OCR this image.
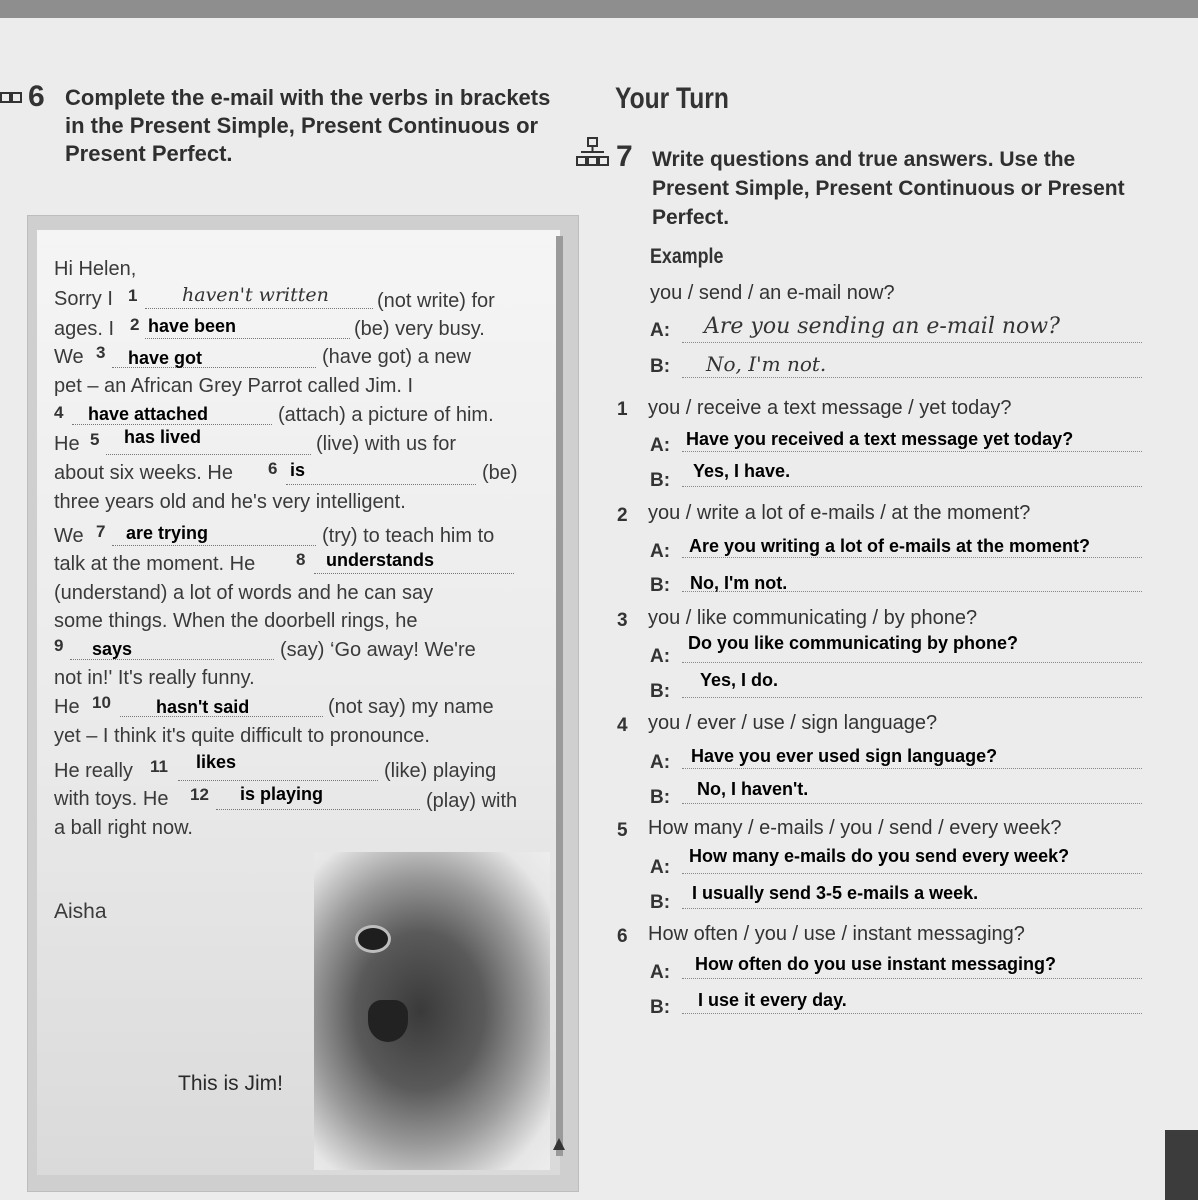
6 Complete the e-mail with the verbs in brackets in the Present Simple, Present Continuous or Present Perfect.
Hi Helen,
Sorry I 1 haven't written (not write) for
ages. I 2 have been	(be) very busy.
We 3 have got	(have got) a new
pet – an African Grey Parrot called Jim. I
4 have attached	(attach) a picture of him.
He 5 has lived	(live) with us for
about six weeks. He 6 is	(be)
three years old and he's very intelligent.
We 7 are trying	(try) to teach him to
talk at the moment. He 8 understands
(understand) a lot of words and he can say
some things. When the doorbell rings, he
9 says	(say) ‘Go away! We're
not in!' It's really funny.
He 10	hasn't said	(not say) my name
yet – I think it's quite difficult to pronounce.
He really 11 likes	(like) playing
with toys. He 12 is playing	(play) with
a ball right now.
Aisha
This is Jim!
Your Turn
7 Write questions and true answers. Use the Present Simple, Present Continuous or Present Perfect.
Example
you / send / an e-mail now?
A: Are you sending an e-mail now?
B: No, I'm not.
1 you / receive a text message / yet today?
A: Have you received a text message yet today?
B: Yes, I have.
2 you / write a lot of e-mails / at the moment?
A: Are you writing a lot of e-mails at the moment?
B: No, I'm not.
3 you / like communicating / by phone?
A:
Do you like communicating by phone?
B:
Yes, I do.
4 you / ever / use / sign language?
A: Have you ever used sign language?
B: No, I haven't.
5 How many / e-mails / you / send / every week?
A:
How many e-mails do you send every week?
B: I usually send 3-5 e-mails a week.
6 How often / you / use / instant messaging?
A: How often do you use instant messaging?
B: I use it every day.
